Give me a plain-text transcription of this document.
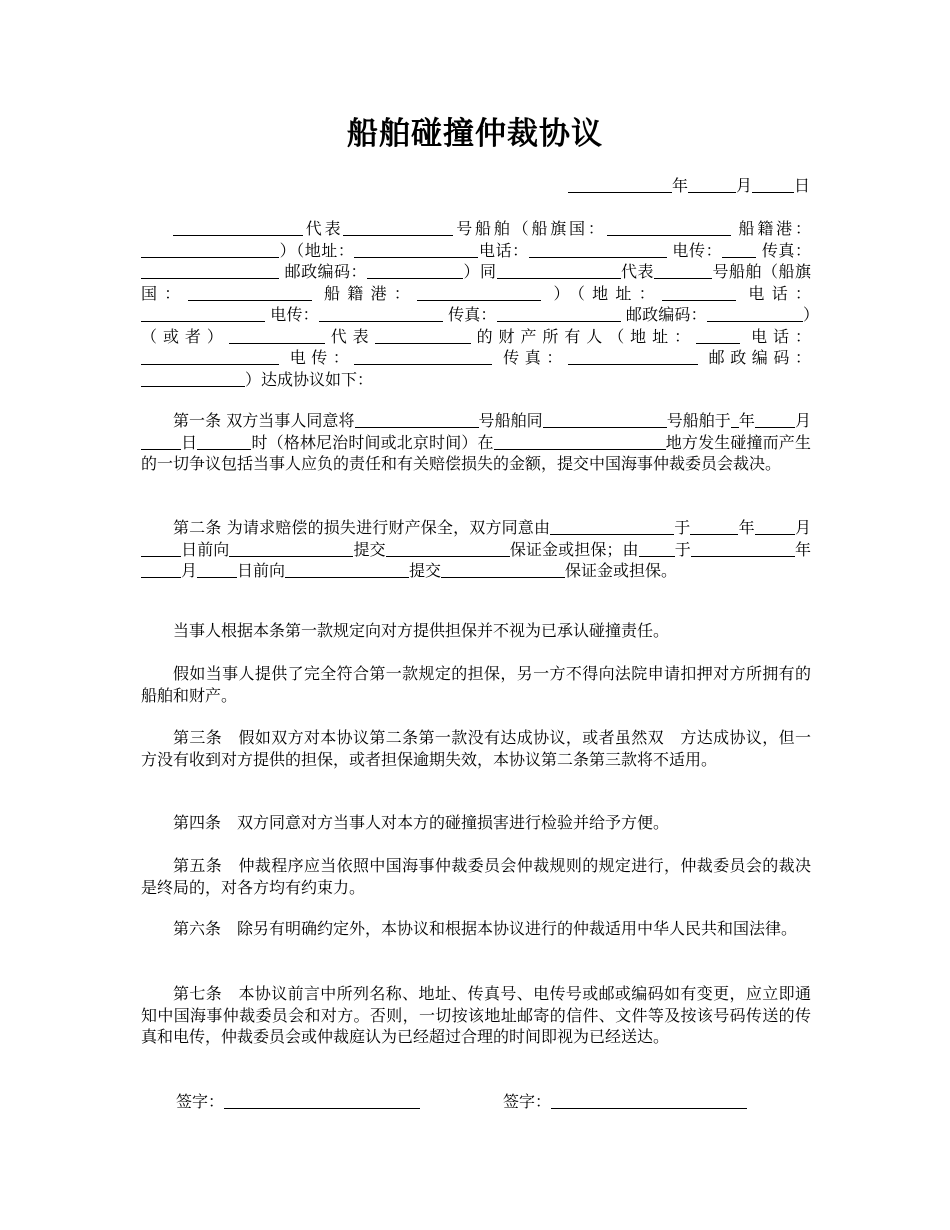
船舶碰撞仲裁协议
年	月	日
代表	号船舶（船旗国：	船籍港：）（地址：	电话：	电传： 传真： 邮政编码：	）同	代表	号船舶（船旗国：	船籍港：	）（地址：	电话： 电传：	传真：	邮政编码：	）（或者）	代表	的财产所有人（地址：	电话： 电传：	传真：	邮政编码：）达成协议如下：
第一条 双方当事人同意将	号船舶同	号船舶于 年	月日	时（格林尼治时间或北京时间）在	地方发生碰撞而产生的一切争议包括当事人应负的责任和有关赔偿损失的金额，提交中国海事仲裁委员会裁决。
第二条 为请求赔偿的损失进行财产保全，双方同意由	于	年	月日前向	提交	保证金或担保；由 于	年月	日前向	提交	保证金或担保。
当事人根据本条第一款规定向对方提供担保并不视为已承认碰撞责任。
假如当事人提供了完全符合第一款规定的担保，另一方不得向法院申请扣押对方所拥有的船舶和财产。
第三条　假如双方对本协议第二条第一款没有达成协议，或者虽然双　方达成协议，但一方没有收到对方提供的担保，或者担保逾期失效，本协议第二条第三款将不适用。
第四条　双方同意对方当事人对本方的碰撞损害进行检验并给予方便。
第五条　仲裁程序应当依照中国海事仲裁委员会仲裁规则的规定进行，仲裁委员会的裁决是终局的，对各方均有约束力。
第六条　除另有明确约定外，本协议和根据本协议进行的仲裁适用中华人民共和国法律。
第七条　本协议前言中所列名称、地址、传真号、电传号或邮或编码如有变更，应立即通知中国海事仲裁委员会和对方。否则，一切按该地址邮寄的信件、文件等及按该号码传送的传真和电传，仲裁委员会或仲裁庭认为已经超过合理的时间即视为已经送达。
签字：	签字：
